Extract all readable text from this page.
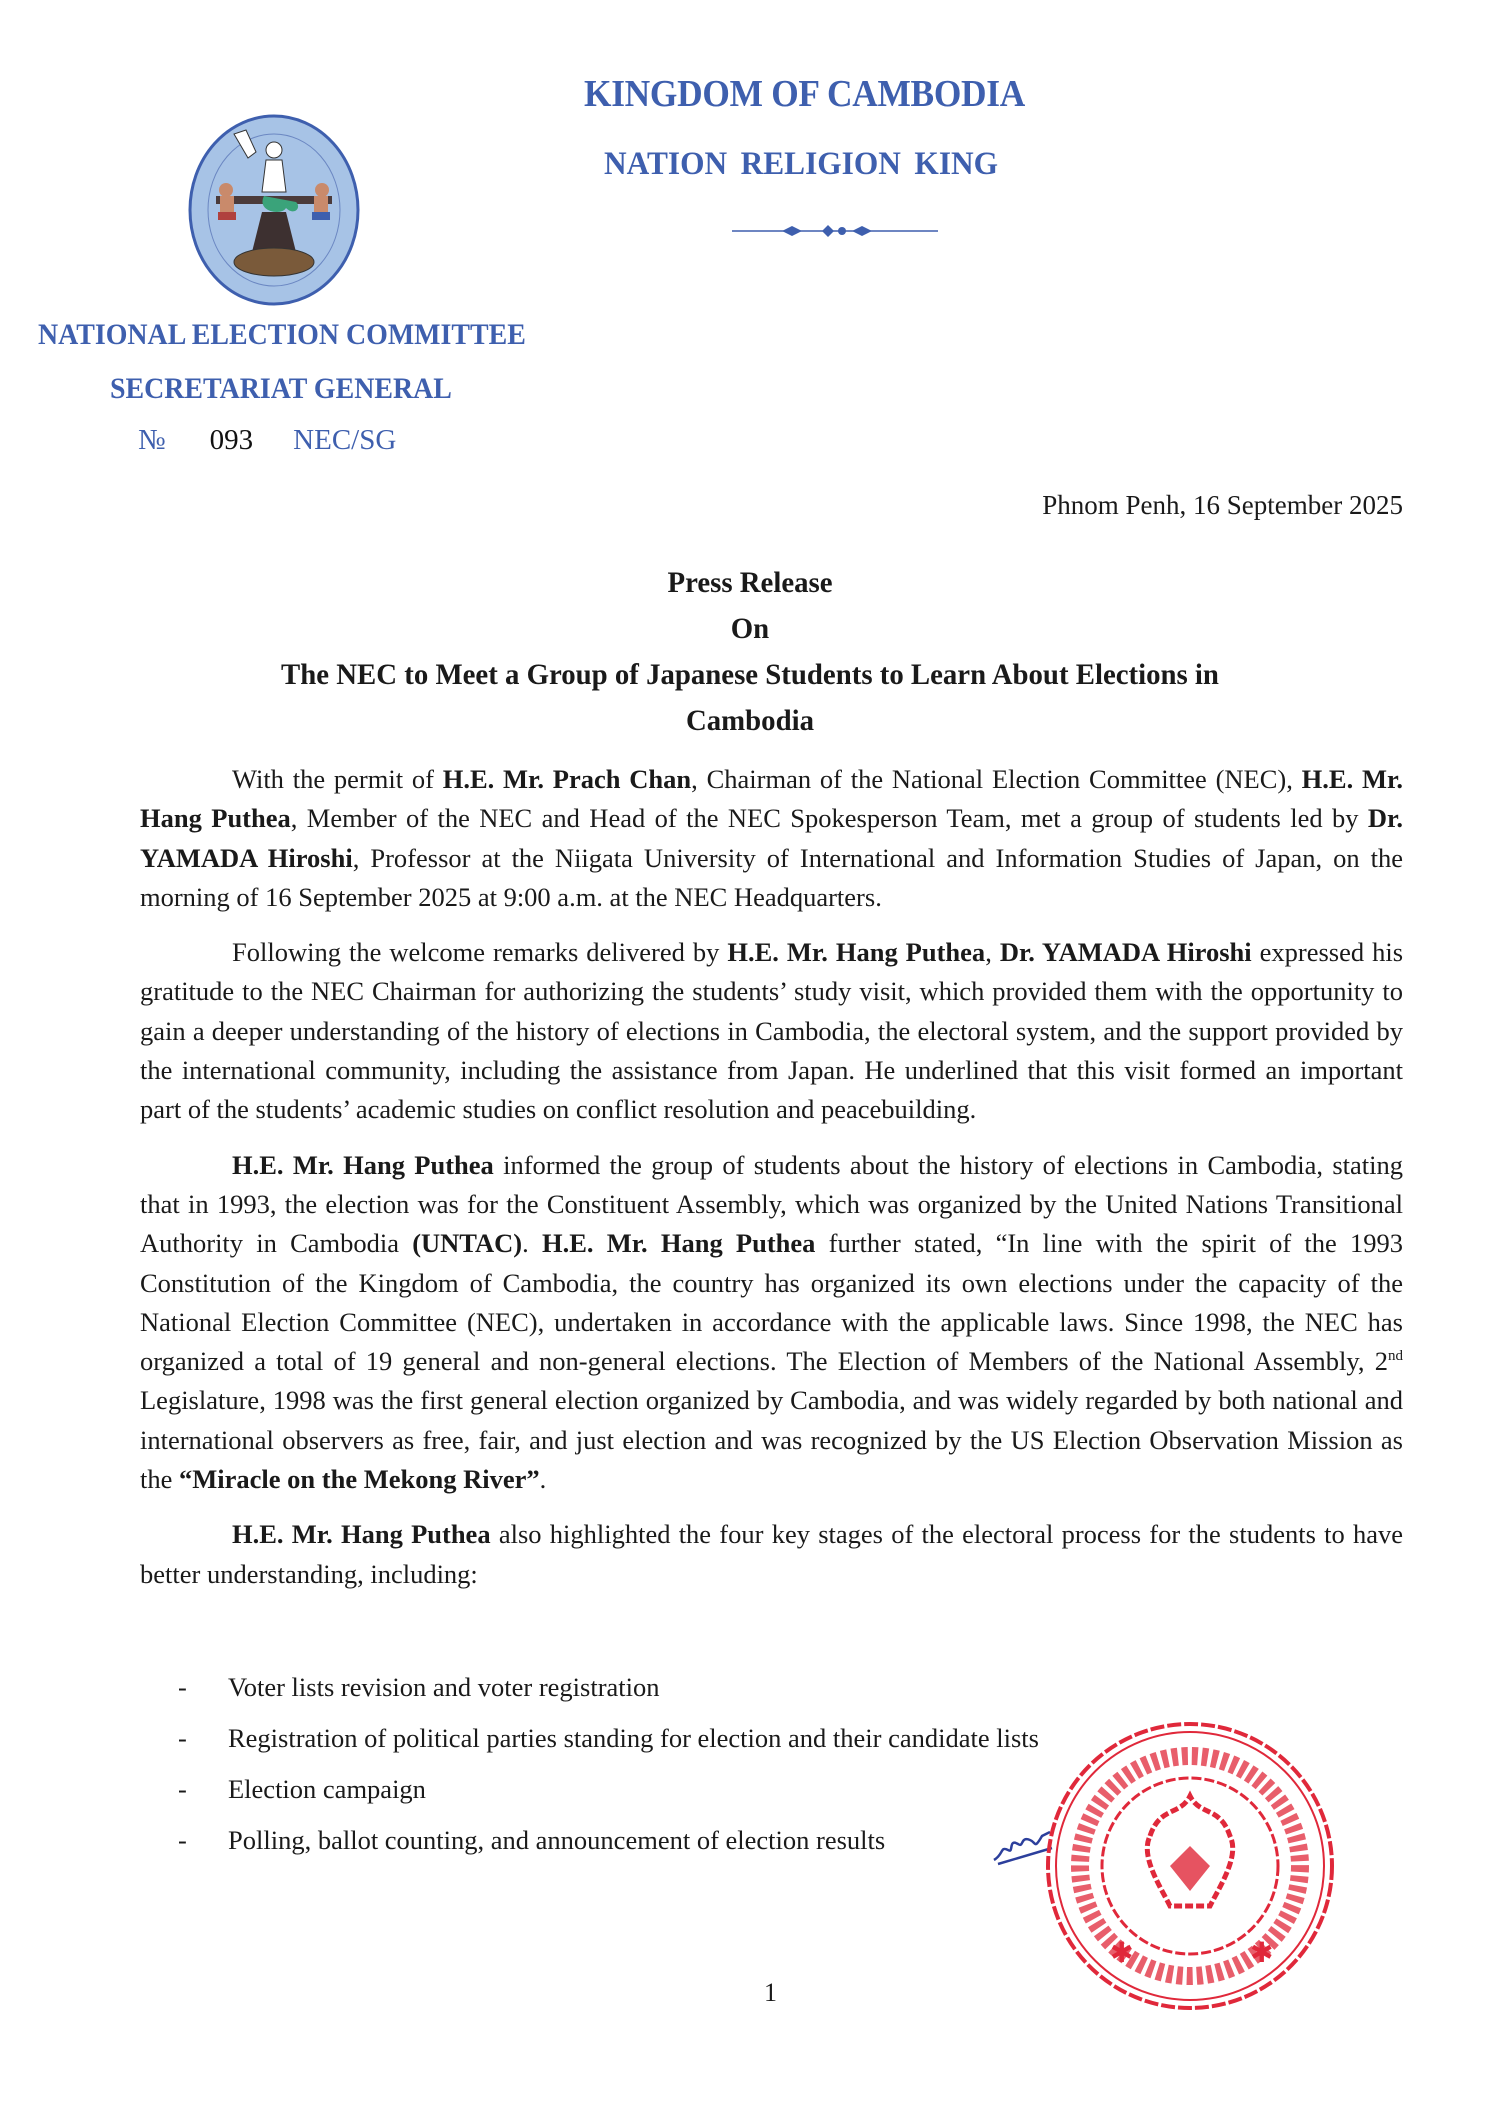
KINGDOM OF CAMBODIA
NATION RELIGION KING
NATIONAL ELECTION COMMITTEE
SECRETARIAT GENERAL
№ 093 NEC/SG
Phnom Penh, 16 September 2025
Press Release
On
The NEC to Meet a Group of Japanese Students to Learn About Elections in
Cambodia

With the permit of H.E. Mr. Prach Chan, Chairman of the National Election Committee (NEC), H.E. Mr. Hang Puthea, Member of the NEC and Head of the NEC Spokesperson Team, met a group of students led by Dr. YAMADA Hiroshi, Professor at the Niigata University of International and Information Studies of Japan, on the morning of 16 September 2025 at 9:00 a.m. at the NEC Headquarters.

Following the welcome remarks delivered by H.E. Mr. Hang Puthea, Dr. YAMADA Hiroshi expressed his gratitude to the NEC Chairman for authorizing the students’ study visit, which provided them with the opportunity to gain a deeper understanding of the history of elections in Cambodia, the electoral system, and the support provided by the international community, including the assistance from Japan. He underlined that this visit formed an important part of the students’ academic studies on conflict resolution and peacebuilding.

H.E. Mr. Hang Puthea informed the group of students about the history of elections in Cambodia, stating that in 1993, the election was for the Constituent Assembly, which was organized by the United Nations Transitional Authority in Cambodia (UNTAC). H.E. Mr. Hang Puthea further stated, “In line with the spirit of the 1993 Constitution of the Kingdom of Cambodia, the country has organized its own elections under the capacity of the National Election Committee (NEC), undertaken in accordance with the applicable laws. Since 1998, the NEC has organized a total of 19 general and non-general elections. The Election of Members of the National Assembly, 2nd Legislature, 1998 was the first general election organized by Cambodia, and was widely regarded by both national and international observers as free, fair, and just election and was recognized by the US Election Observation Mission as the “Miracle on the Mekong River”.

H.E. Mr. Hang Puthea also highlighted the four key stages of the electoral process for the students to have better understanding, including:

- Voter lists revision and voter registration
- Registration of political parties standing for election and their candidate lists
- Election campaign
- Polling, ballot counting, and announcement of election results
✱	✱
1
